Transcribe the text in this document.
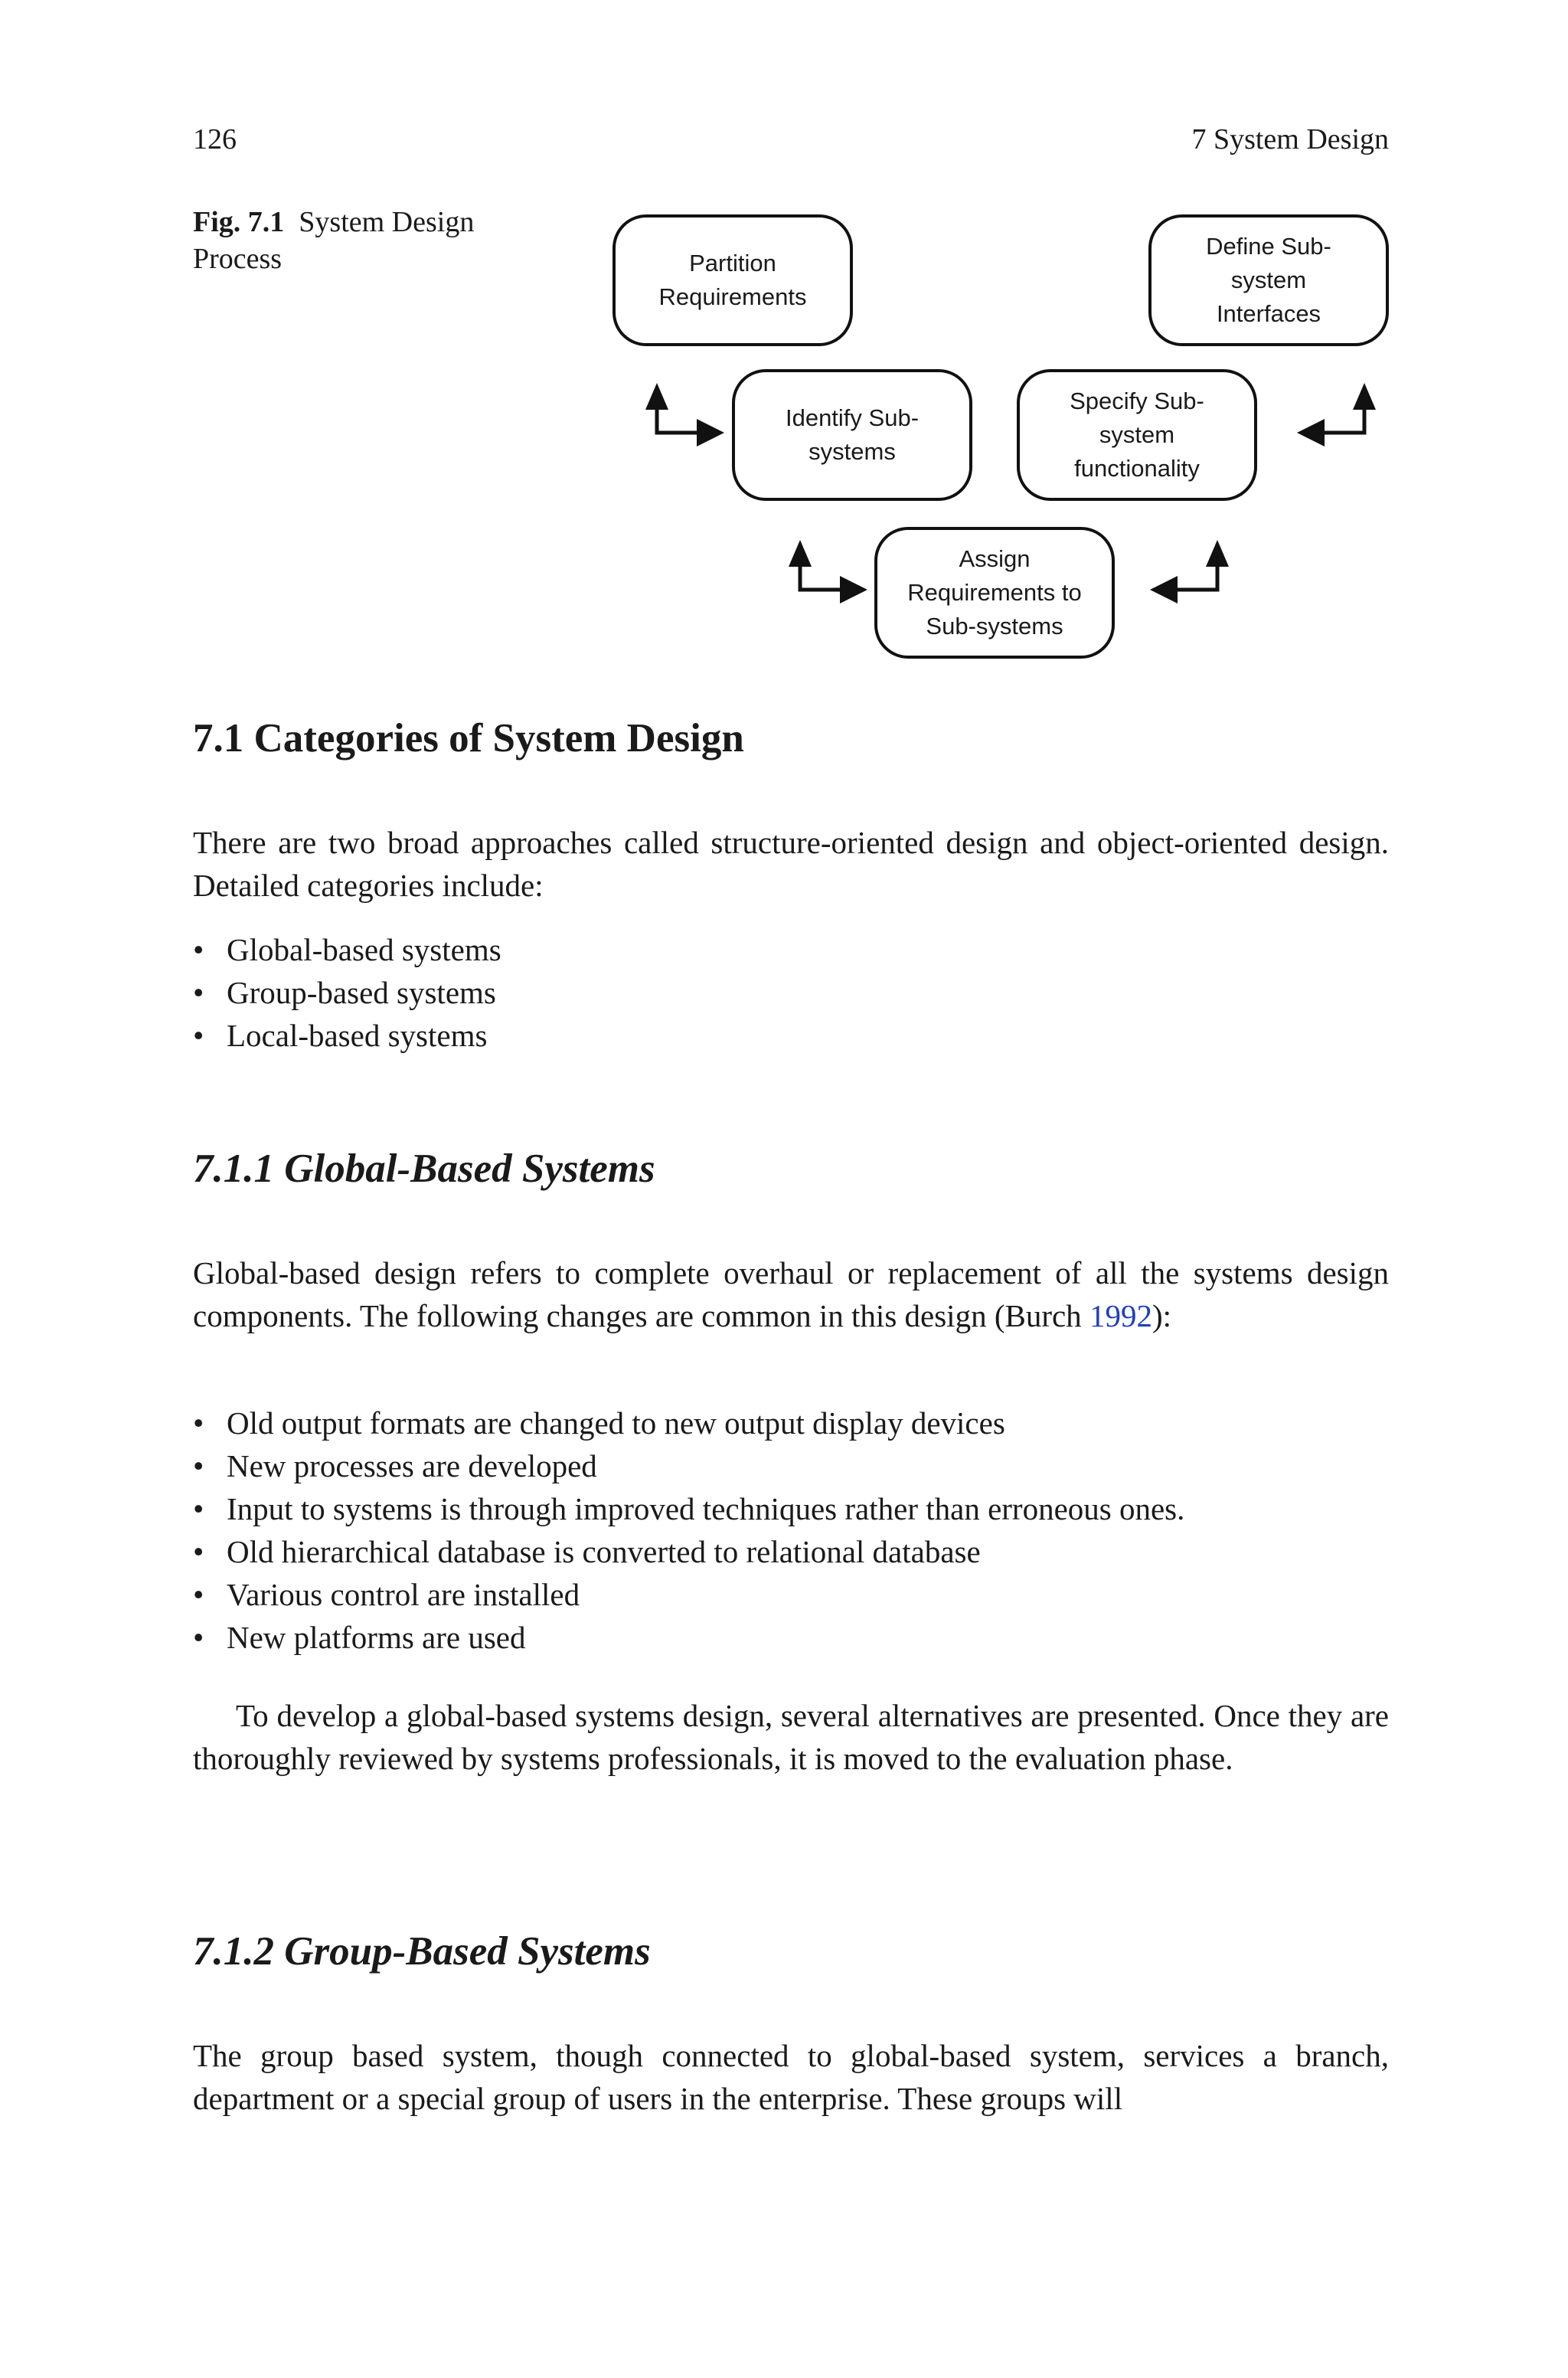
126	7 System Design
Fig. 7.1 System Design Process	Partition
Requirements
Identify Sub-
systems
Assign
Requirements to
Sub-systems
Specify Sub-
system
functionality
Define Sub-
system
Interfaces
7.1 Categories of System Design

There are two broad approaches called structure-oriented design and object-oriented design. Detailed categories include:

• Global-based systems
• Group-based systems
• Local-based systems
7.1.1 Global-Based Systems

Global-based design refers to complete overhaul or replacement of all the systems design components. The following changes are common in this design (Burch 1992):

• Old output formats are changed to new output display devices
• New processes are developed
• Input to systems is through improved techniques rather than erroneous ones.
• Old hierarchical database is converted to relational database
• Various control are installed
• New platforms are used

To develop a global-based systems design, several alternatives are presented. Once they are thoroughly reviewed by systems professionals, it is moved to the evaluation phase.

7.1.2 Group-Based Systems

The group based system, though connected to global-based system, services a branch, department or a special group of users in the enterprise. These groups will
